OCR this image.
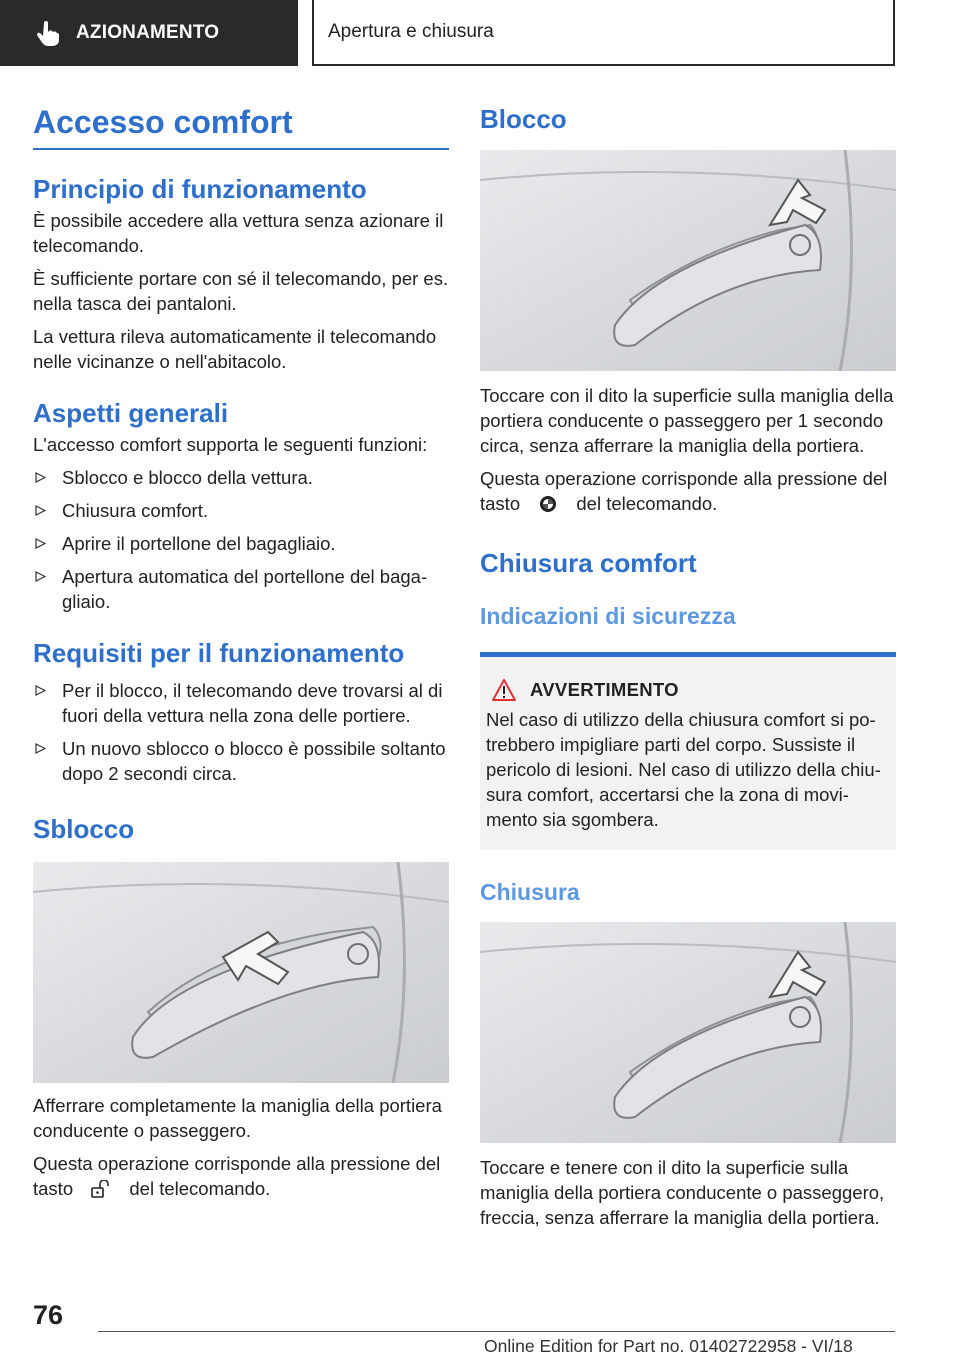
AZIONAMENTO	Apertura e chiusura
Accesso comfort
Principio di funzionamento

È possibile accedere alla vettura senza azionare il telecomando.

È sufficiente portare con sé il telecomando, per es. nella tasca dei pantaloni.

La vettura rileva automaticamente il telecomando nelle vicinanze o nell'abitacolo.

Aspetti generali

L'accesso comfort supporta le seguenti funzioni:

Sblocco e blocco della vettura.
Chiusura comfort.
Aprire il portellone del bagagliaio.
Apertura automatica del portellone del bagagliaio.
Requisiti per il funzionamento
Per il blocco, il telecomando deve trovarsi al di fuori della vettura nella zona delle portiere.
Un nuovo sblocco o blocco è possibile soltanto dopo 2 secondi circa.
Sblocco

Afferrare completamente la maniglia della portiera conducente o passeggero.

Questa operazione corrisponde alla pressione del tasto	del telecomando.

Blocco

Toccare con il dito la superficie sulla maniglia della portiera conducente o passeggero per 1 secondo circa, senza afferrare la maniglia della portiera.

Questa operazione corrisponde alla pressione del tasto	del telecomando.

Chiusura comfort
Indicazioni di sicurezza
AVVERTIMENTO

Nel caso di utilizzo della chiusura comfort si potrebbero impigliare parti del corpo. Sussiste il pericolo di lesioni. Nel caso di utilizzo della chiusura comfort, accertarsi che la zona di movimento sia sgombera.

Chiusura

Toccare e tenere con il dito la superficie sulla maniglia della portiera conducente o passeggero, freccia, senza afferrare la maniglia della portiera.

76
Online Edition for Part no. 01402722958 - VI/18
